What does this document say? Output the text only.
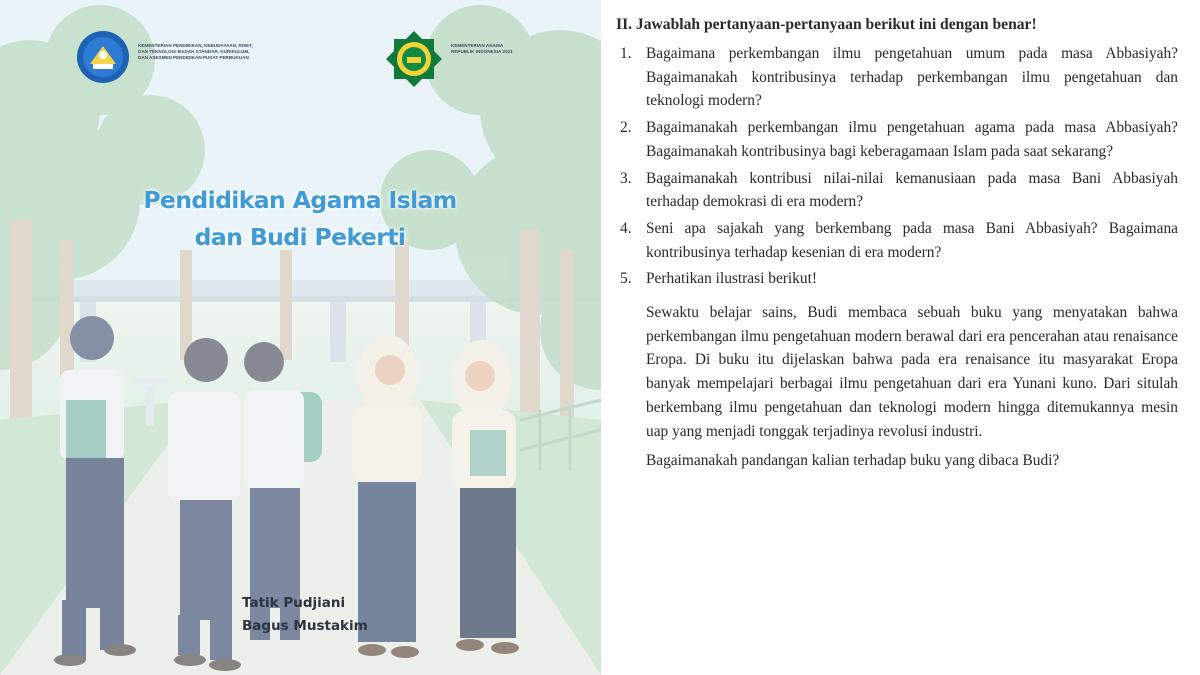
KEMENTERIAN PENDIDIKAN, KEBUDAYAAN, RISET, DAN TEKNOLOGI BADAN STANDAR, KURIKULUM, DAN ASESMEN PENDIDIKAN PUSAT PERBUKUAN
KEMENTERIAN AGAMA REPUBLIK INDONESIA 2021
Pendidikan Agama Islam
dan Budi Pekerti
Tatik Pudjiani
Bagus Mustakim
II. Jawablah pertanyaan-pertanyaan berikut ini dengan benar!
1. Bagaimana perkembangan ilmu pengetahuan umum pada masa Abbasiyah? Bagaimanakah kontribusinya terhadap perkembangan ilmu pengetahuan dan teknologi modern?
2. Bagaimanakah perkembangan ilmu pengetahuan agama pada masa Abbasiyah? Bagaimanakah kontribusinya bagi keberagamaan Islam pada saat sekarang?
3. Bagaimanakah kontribusi nilai-nilai kemanusiaan pada masa Bani Abbasiyah terhadap demokrasi di era modern?
4. Seni apa sajakah yang berkembang pada masa Bani Abbasiyah? Bagaimana kontribusinya terhadap kesenian di era modern?
5. Perhatikan ilustrasi berikut!

Sewaktu belajar sains, Budi membaca sebuah buku yang menyatakan bahwa perkembangan ilmu pengetahuan modern berawal dari era pencerahan atau renaisance Eropa. Di buku itu dijelaskan bahwa pada era renaisance itu masyarakat Eropa banyak mempelajari berbagai ilmu pengetahuan dari era Yunani kuno. Dari situlah berkembang ilmu pengetahuan dan teknologi modern hingga ditemukannya mesin uap yang menjadi tonggak terjadinya revolusi industri.

Bagaimanakah pandangan kalian terhadap buku yang dibaca Budi?
